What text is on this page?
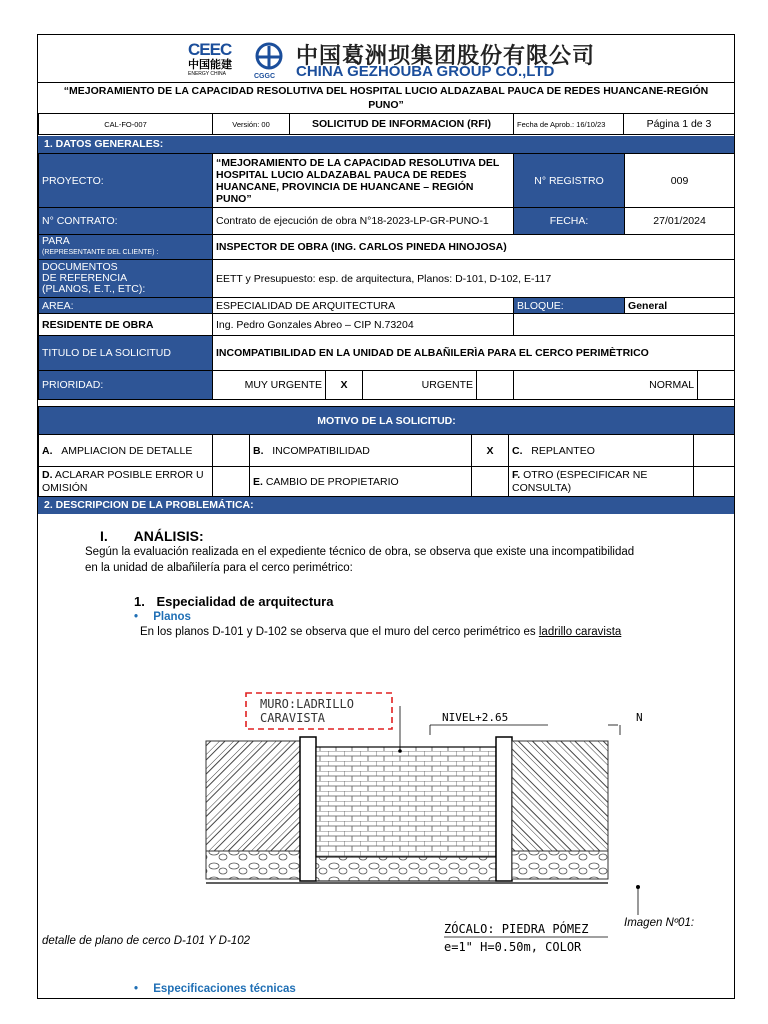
CEEC
中国能建
ENERGY CHINA	CGGC
中国葛洲坝集团股份有限公司
CHINA GEZHOUBA GROUP CO.,LTD
“MEJORAMIENTO DE LA CAPACIDAD RESOLUTIVA DEL HOSPITAL LUCIO ALDAZABAL PAUCA DE REDES HUANCANE-REGIÓN PUNO”
CAL-FO-007	Versión: 00	SOLICITUD DE INFORMACION (RFI)	Fecha de Aprob.: 16/10/23	Página 1 de 3
1. DATOS GENERALES:
PROYECTO:	“MEJORAMIENTO DE LA CAPACIDAD RESOLUTIVA DEL HOSPITAL LUCIO ALDAZABAL PAUCA DE REDES HUANCANE, PROVINCIA DE HUANCANE – REGIÓN PUNO”				N° REGISTRO	009	
N° CONTRATO:	Contrato de ejecución de obra N°18-2023-LP-GR-PUNO-1				FECHA:	27/01/2024	

PARA
(REPRESENTANTE DEL CLIENTE) :	INSPECTOR DE OBRA (ING. CARLOS PINEDA HINOJOSA)						

DOCUMENTOS
DE REFERENCIA
(PLANOS, E.T., ETC):	EETT y Presupuesto: esp. de arquitectura, Planos: D-101, D-102, E-117						
AREA:	ESPECIALIDAD DE ARQUITECTURA				BLOQUE:	General	
RESIDENTE DE OBRA	Ing. Pedro Gonzales Abreo – CIP N.73204						
TITULO DE LA SOLICITUD	INCOMPATIBILIDAD EN LA UNIDAD DE ALBAÑILERÌA PARA EL CERCO PERIMÈTRICO						
PRIORIDAD:	MUY URGENTE	X	URGENTE		NORMAL		
MOTIVO DE LA SOLICITUD:					
A. AMPLIACION DE DETALLE		B. INCOMPATIBILIDAD	X	C. REPLANTEO	
D. ACLARAR POSIBLE ERROR U OMISIÓN		E. CAMBIO DE PROPIETARIO		F. OTRO (ESPECIFICAR NE CONSULTA)	
2. DESCRIPCION DE LA PROBLEMÁTICA:
I. ANÁLISIS:
Según la evaluación realizada en el expediente técnico de obra, se observa que existe una incompatibilidad
en la unidad de albañilería para el cerco perimétrico:
1. Especialidad de arquitectura
• Planos
En los planos D-101 y D-102 se observa que el muro del cerco perimétrico es ladrillo caravista
MURO:LADRILLO
CARAVISTA	NIVEL+2.65	N
ZÓCALO: PIEDRA PÓMEZ
e=1" H=0.50m, COLOR
Imagen Nº01:
detalle de plano de cerco D-101 Y D-102
• Especificaciones técnicas
